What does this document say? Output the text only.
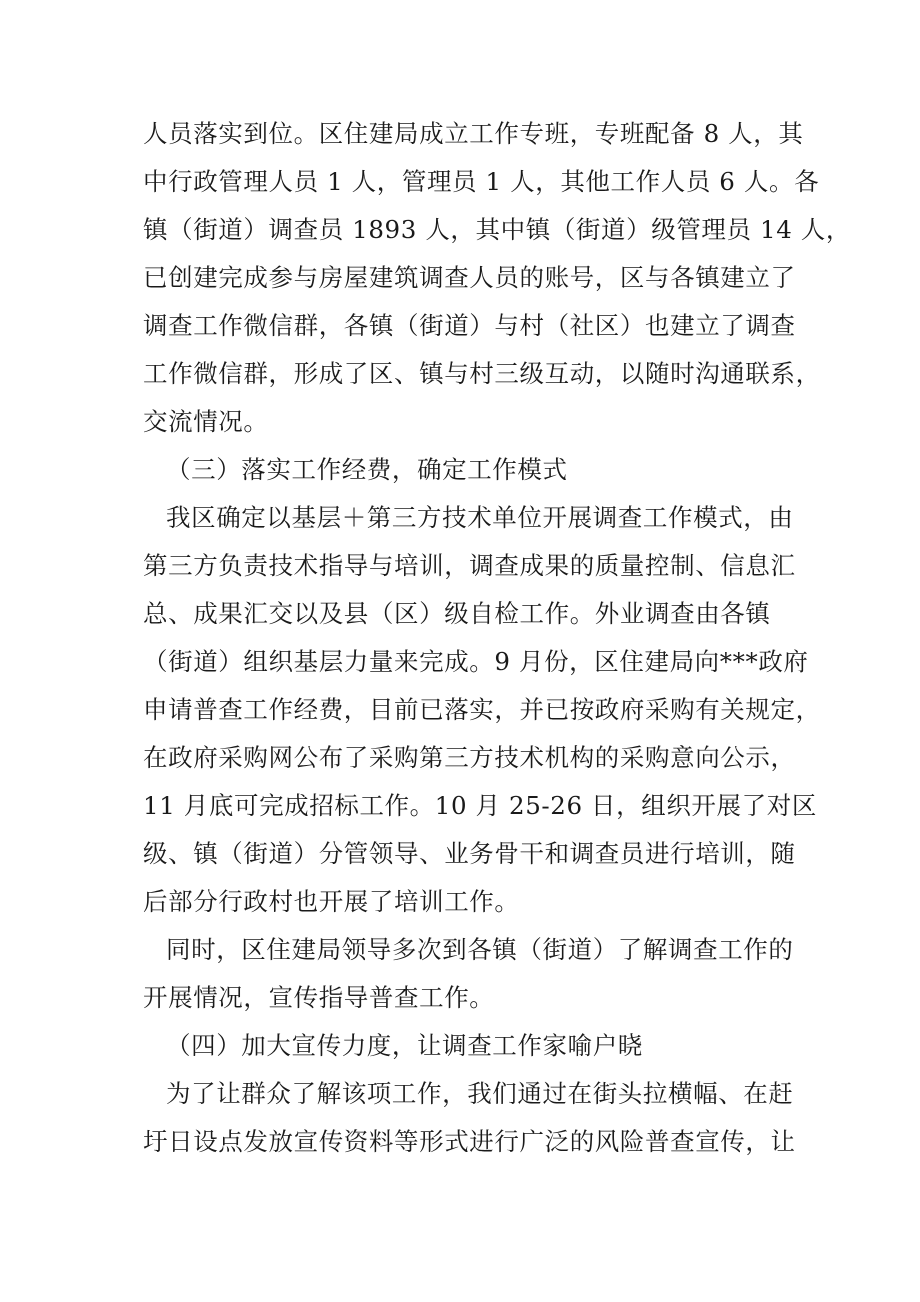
人员落实到位。区住建局成立工作专班，专班配备 8 人，其
中行政管理人员 1 人，管理员 1 人，其他工作人员 6 人。各
镇（街道）调查员 1893 人，其中镇（街道）级管理员 14 人，
已创建完成参与房屋建筑调查人员的账号，区与各镇建立了
调查工作微信群，各镇（街道）与村（社区）也建立了调查
工作微信群，形成了区、镇与村三级互动，以随时沟通联系，
交流情况。
（三）落实工作经费，确定工作模式
我区确定以基层＋第三方技术单位开展调查工作模式，由
第三方负责技术指导与培训，调查成果的质量控制、信息汇
总、成果汇交以及县（区）级自检工作。外业调查由各镇
（街道）组织基层力量来完成。9 月份，区住建局向***政府
申请普查工作经费，目前已落实，并已按政府采购有关规定，
在政府采购网公布了采购第三方技术机构的采购意向公示，
11 月底可完成招标工作。10 月 25-26 日，组织开展了对区
级、镇（街道）分管领导、业务骨干和调查员进行培训，随
后部分行政村也开展了培训工作。
同时，区住建局领导多次到各镇（街道）了解调查工作的
开展情况，宣传指导普查工作。
（四）加大宣传力度，让调查工作家喻户晓
为了让群众了解该项工作，我们通过在街头拉横幅、在赶
圩日设点发放宣传资料等形式进行广泛的风险普查宣传，让
